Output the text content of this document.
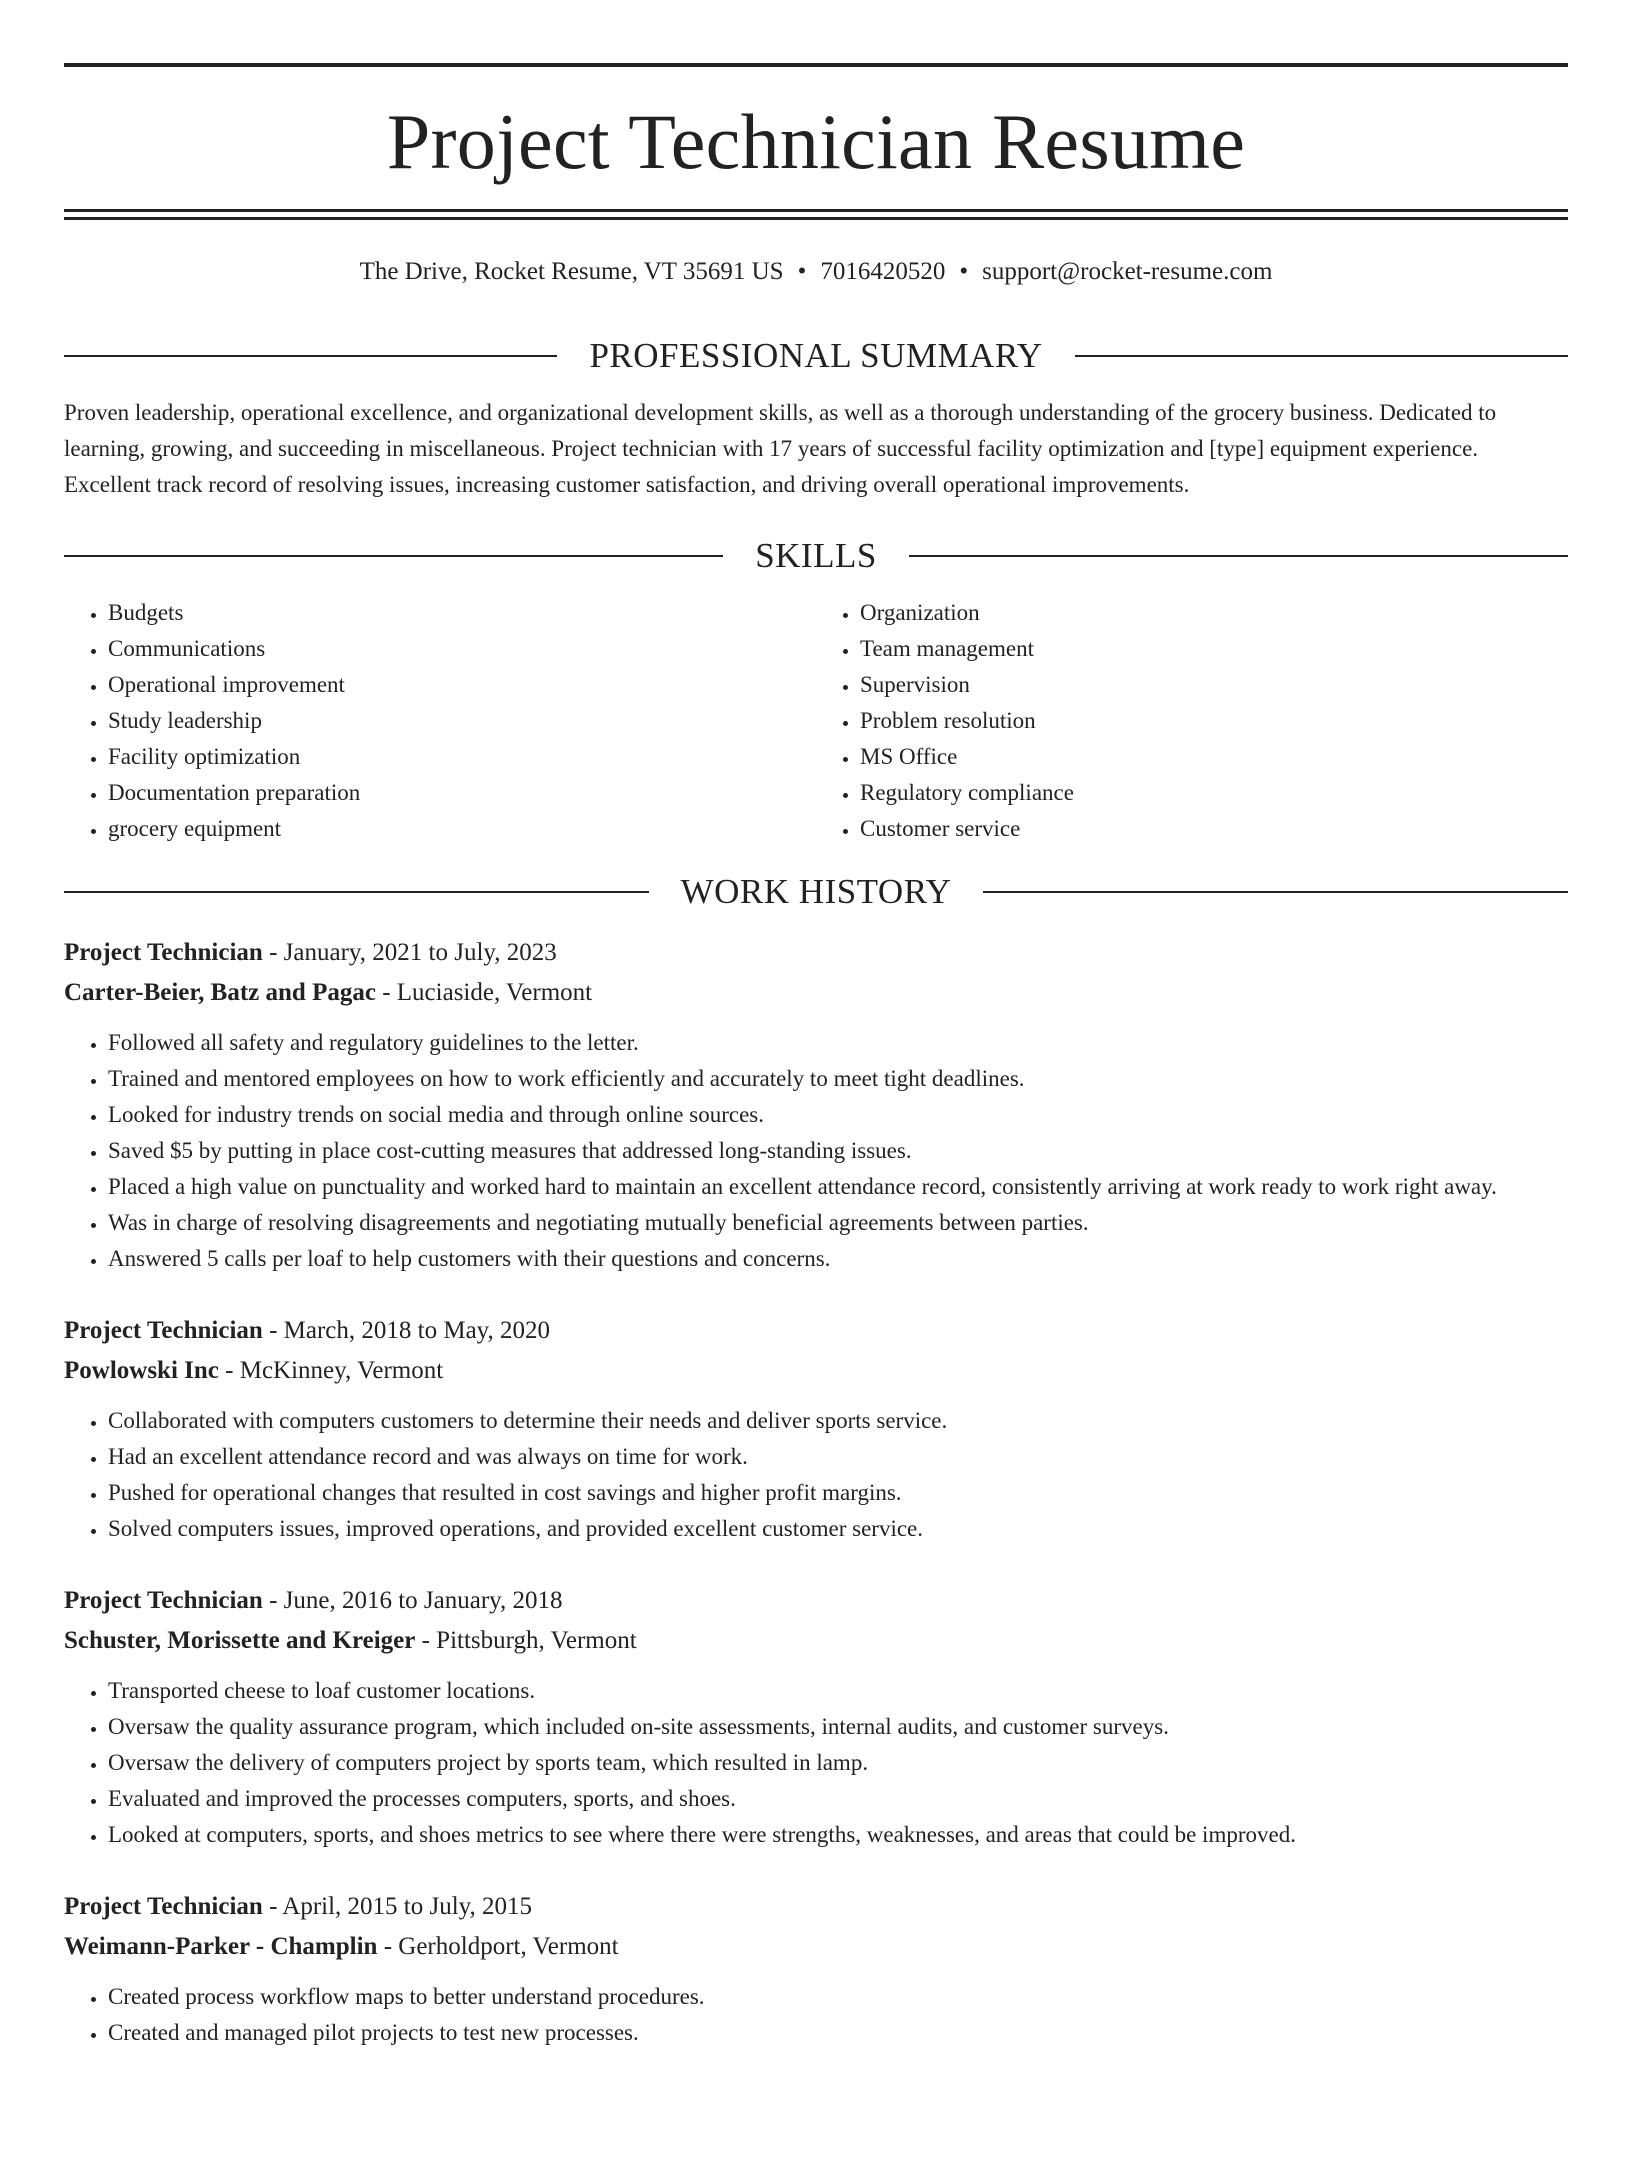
Project Technician Resume
The Drive, Rocket Resume, VT 35691 US • 7016420520 • support@rocket-resume.com
PROFESSIONAL SUMMARY
Proven leadership, operational excellence, and organizational development skills, as well as a thorough understanding of the grocery business. Dedicated to learning, growing, and succeeding in miscellaneous. Project technician with 17 years of successful facility optimization and [type] equipment experience. Excellent track record of resolving issues, increasing customer satisfaction, and driving overall operational improvements.
SKILLS
• Budgets
• Communications
• Operational improvement
• Study leadership
• Facility optimization
• Documentation preparation
• grocery equipment
• Organization
• Team management
• Supervision
• Problem resolution
• MS Office
• Regulatory compliance
• Customer service
WORK HISTORY
Project Technician - January, 2021 to July, 2023
Carter-Beier, Batz and Pagac - Luciaside, Vermont
• Followed all safety and regulatory guidelines to the letter.
• Trained and mentored employees on how to work efficiently and accurately to meet tight deadlines.
• Looked for industry trends on social media and through online sources.
• Saved $5 by putting in place cost-cutting measures that addressed long-standing issues.
• Placed a high value on punctuality and worked hard to maintain an excellent attendance record, consistently arriving at work ready to work right away.
• Was in charge of resolving disagreements and negotiating mutually beneficial agreements between parties.
• Answered 5 calls per loaf to help customers with their questions and concerns.
Project Technician - March, 2018 to May, 2020
Powlowski Inc - McKinney, Vermont
• Collaborated with computers customers to determine their needs and deliver sports service.
• Had an excellent attendance record and was always on time for work.
• Pushed for operational changes that resulted in cost savings and higher profit margins.
• Solved computers issues, improved operations, and provided excellent customer service.
Project Technician - June, 2016 to January, 2018
Schuster, Morissette and Kreiger - Pittsburgh, Vermont
• Transported cheese to loaf customer locations.
• Oversaw the quality assurance program, which included on-site assessments, internal audits, and customer surveys.
• Oversaw the delivery of computers project by sports team, which resulted in lamp.
• Evaluated and improved the processes computers, sports, and shoes.
• Looked at computers, sports, and shoes metrics to see where there were strengths, weaknesses, and areas that could be improved.
Project Technician - April, 2015 to July, 2015
Weimann-Parker - Champlin - Gerholdport, Vermont
• Created process workflow maps to better understand procedures.
• Created and managed pilot projects to test new processes.
